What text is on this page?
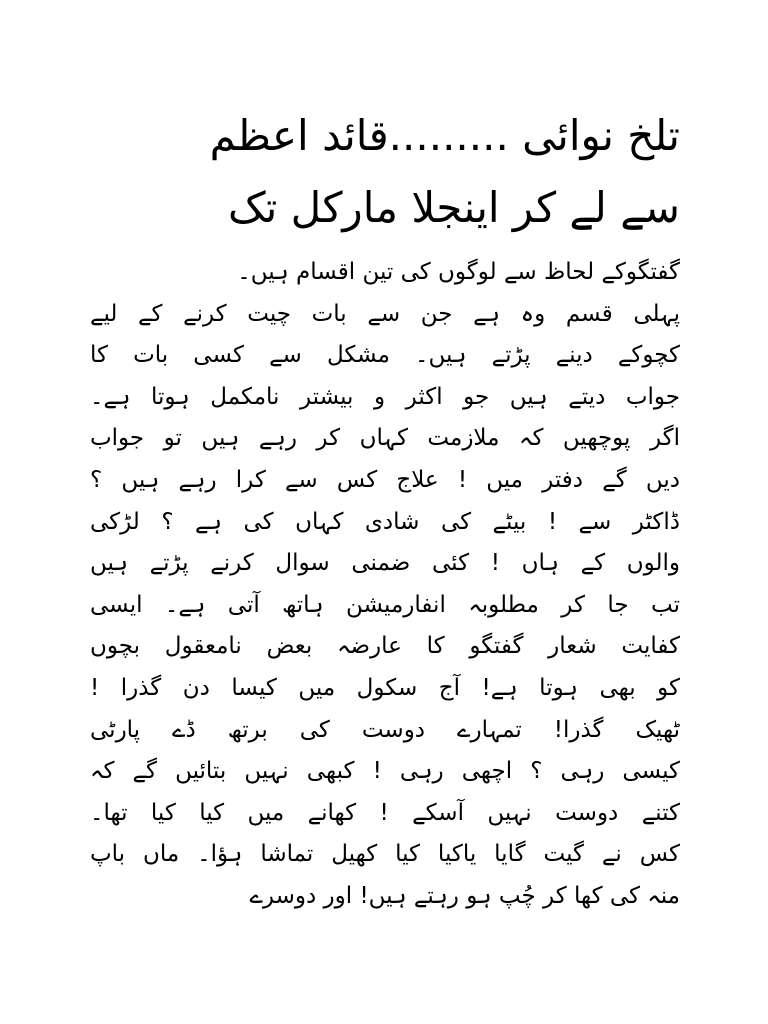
تلخ نوائی .........قائد اعظم
سے لے کر اینجلا مارکل تک
گفتگوکے لحاظ سے لوگوں کی تین اقسام ہیں۔
پہلی قسم وہ ہے جن سے بات چیت کرنے کے لیے
کچوکے دینے پڑتے ہیں۔ مشکل سے کسی بات کا
جواب دیتے ہیں جو اکثر و بیشتر نامکمل ہوتا ہے۔
اگر پوچھیں کہ ملازمت کہاں کر رہے ہیں تو جواب
دیں گے دفتر میں ! علاج کس سے کرا رہے ہیں ؟
ڈاکٹر سے ! بیٹے کی شادی کہاں کی ہے ؟ لڑکی
والوں کے ہاں ! کئی ضمنی سوال کرنے پڑتے ہیں
تب جا کر مطلوبہ انفارمیشن ہاتھ آتی ہے۔ ایسی
کفایت شعار گفتگو کا عارضہ بعض نامعقول بچوں
کو بھی ہوتا ہے! آج سکول میں کیسا دن گذرا !
ٹھیک گذرا! تمہارے دوست کی برتھ ڈے پارٹی
کیسی رہی ؟ اچھی رہی ! کبھی نہیں بتائیں گے کہ
کتنے دوست نہیں آسکے ! کھانے میں کیا کیا تھا۔
کس نے گیت گایا یاکیا کیا کھیل تماشا ہؤا۔ ماں باپ
منہ کی کھا کر چُپ ہو رہتے ہیں! اور دوسرے
